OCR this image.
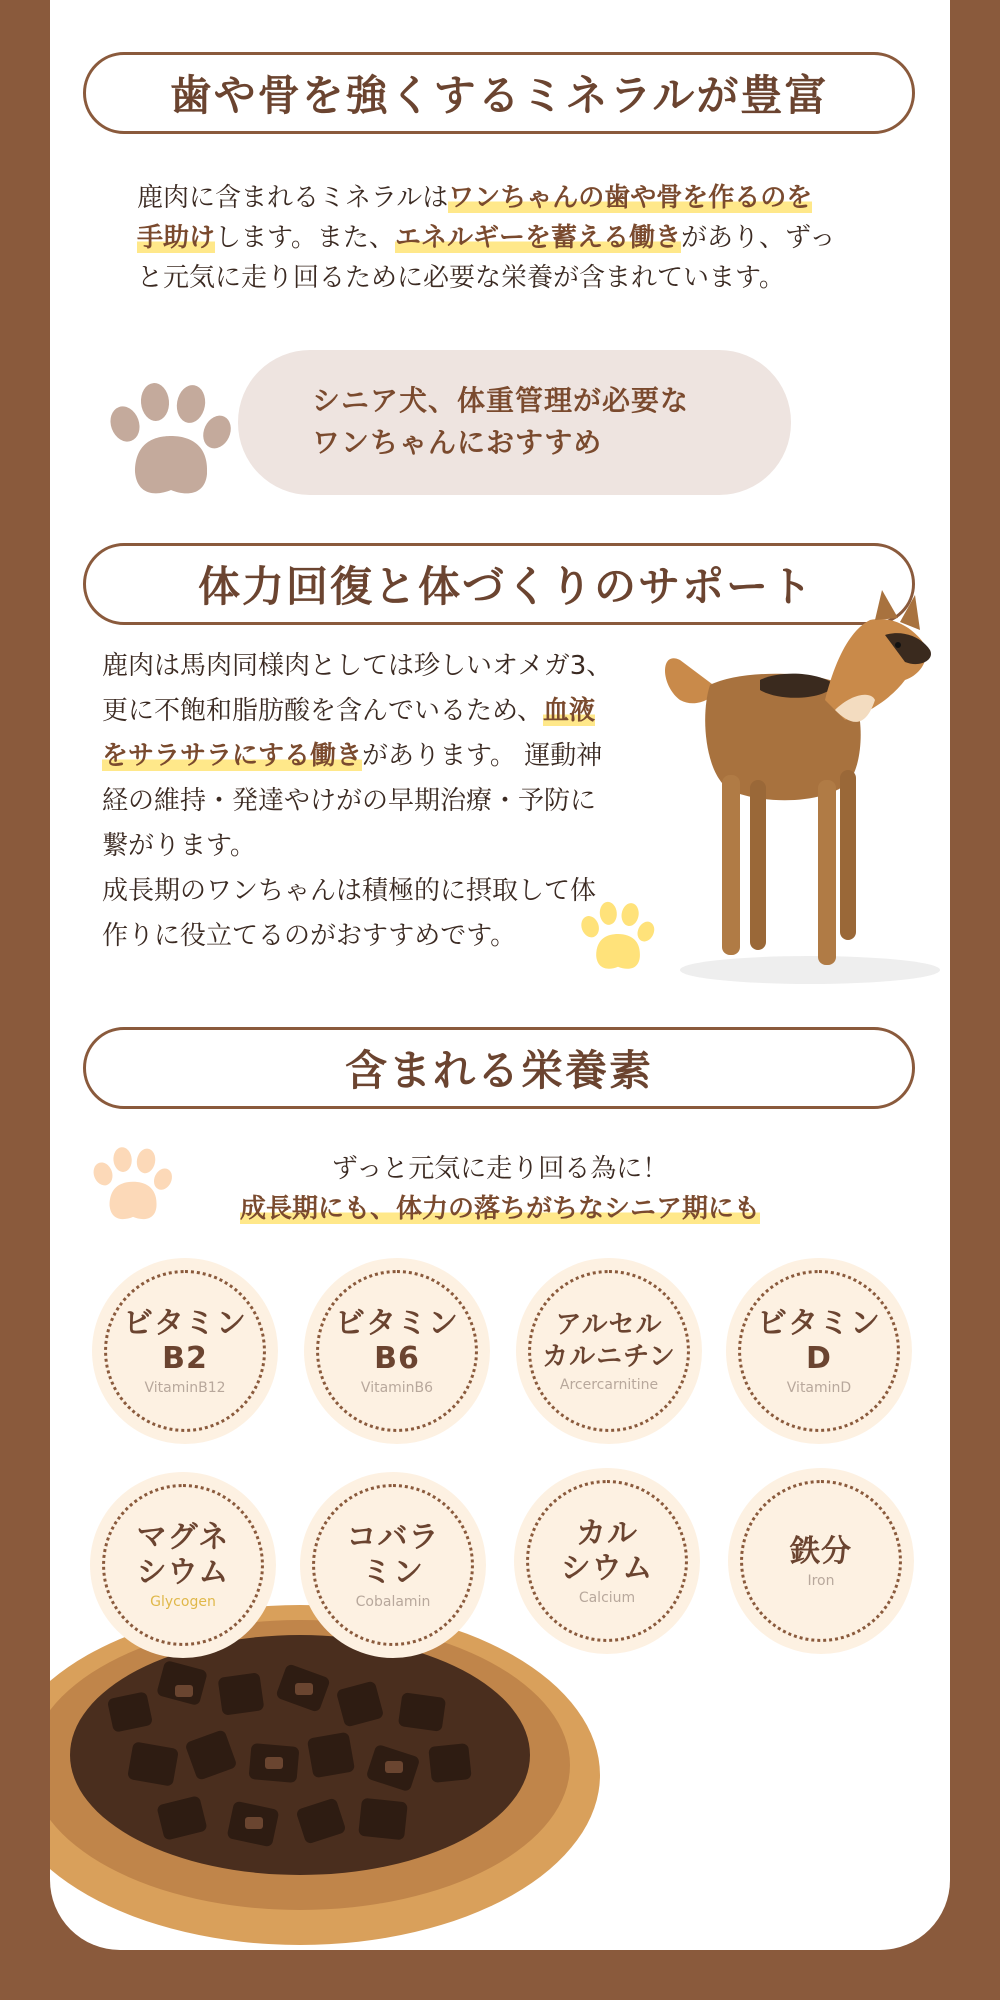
歯や骨を強くするミネラルが豊富
鹿肉に含まれるミネラルはワンちゃんの歯や骨を作るのを
手助けします。また、エネルギーを蓄える働きがあり、ずっ
と元気に走り回るために必要な栄養が含まれています。
シニア犬、体重管理が必要な
ワンちゃんにおすすめ
体力回復と体づくりのサポート
鹿肉は馬肉同様肉としては珍しいオメガ3、
更に不飽和脂肪酸を含んでいるため、血液
をサラサラにする働きがあります。 運動神
経の維持・発達やけがの早期治療・予防に
繋がります。
成長期のワンちゃんは積極的に摂取して体
作りに役立てるのがおすすめです。
含まれる栄養素
ずっと元気に走り回る為に！
成長期にも、体力の落ちがちなシニア期にも
ビタミン
B2
VitaminB12
ビタミン
B6
VitaminB6
アルセル
カルニチン
Arcercarnitine
ビタミン
D
VitaminD
マグネ
シウム
Glycogen
コバラ
ミン
Cobalamin
カル
シウム
Calcium
鉄分
Iron
